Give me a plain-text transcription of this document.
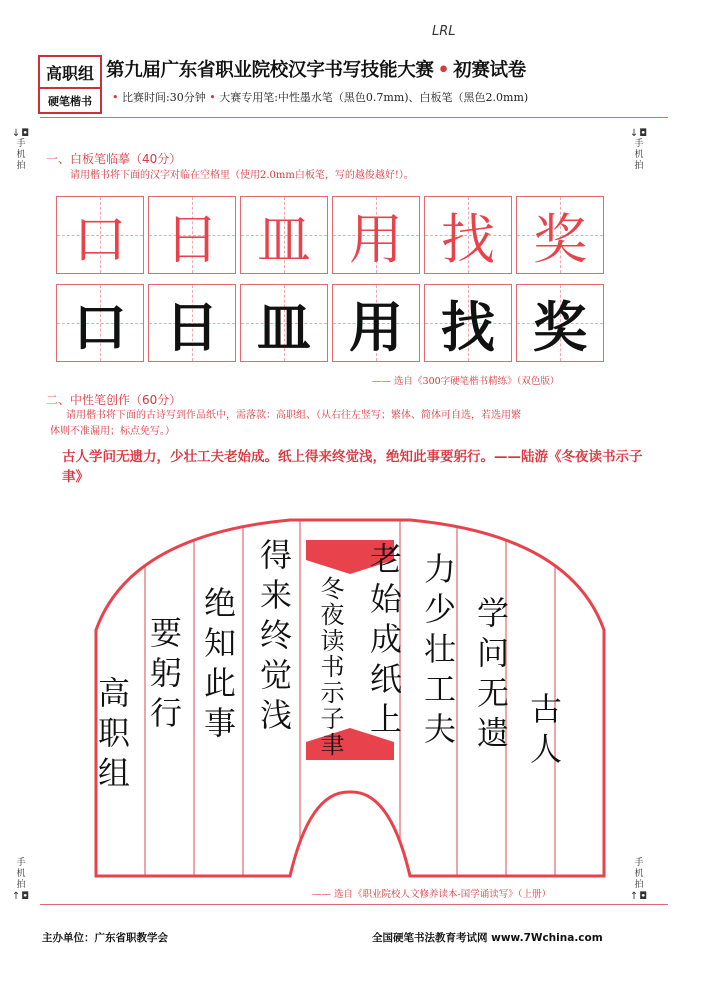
LRL
高职组
硬笔楷书
第九届广东省职业院校汉字书写技能大赛 • 初赛试卷
• 比赛时间:30分钟 • 大赛专用笔:中性墨水笔（黑色0.7mm)、白板笔（黑色2.0mm)
↓◘
手
机
拍
↓◘
手
机
拍
手
机
拍
↑◘
手
机
拍
↑◘
一、白板笔临摹（40分）
请用楷书将下面的汉字对临在空格里（使用2.0mm白板笔，写的越俊越好!）。
口 日 皿 用 找 奖
口 日 皿 用 找 奖
—— 选自《300字硬笔楷书精练》（双色版）
二、中性笔创作（60分）
请用楷书将下面的古诗写到作品纸中，需落款：高职组、（从右往左竖写；繁体、简体可自选，若选用繁
体则不准漏用；标点免写。）
古人学问无遗力，少壮工夫老始成。纸上得来终觉浅，绝知此事要躬行。——陆游《冬夜读书示子聿》
古人
学问无遗
力少壮工夫
老始成纸上
得来终觉浅
绝知此事
要躬行
高职组	冬夜读书示子聿
—— 选自《职业院校人文修养读本-国学诵读写》（上册）
主办单位：广东省职教学会	全国硬笔书法教育考试网 www.7Wchina.com
